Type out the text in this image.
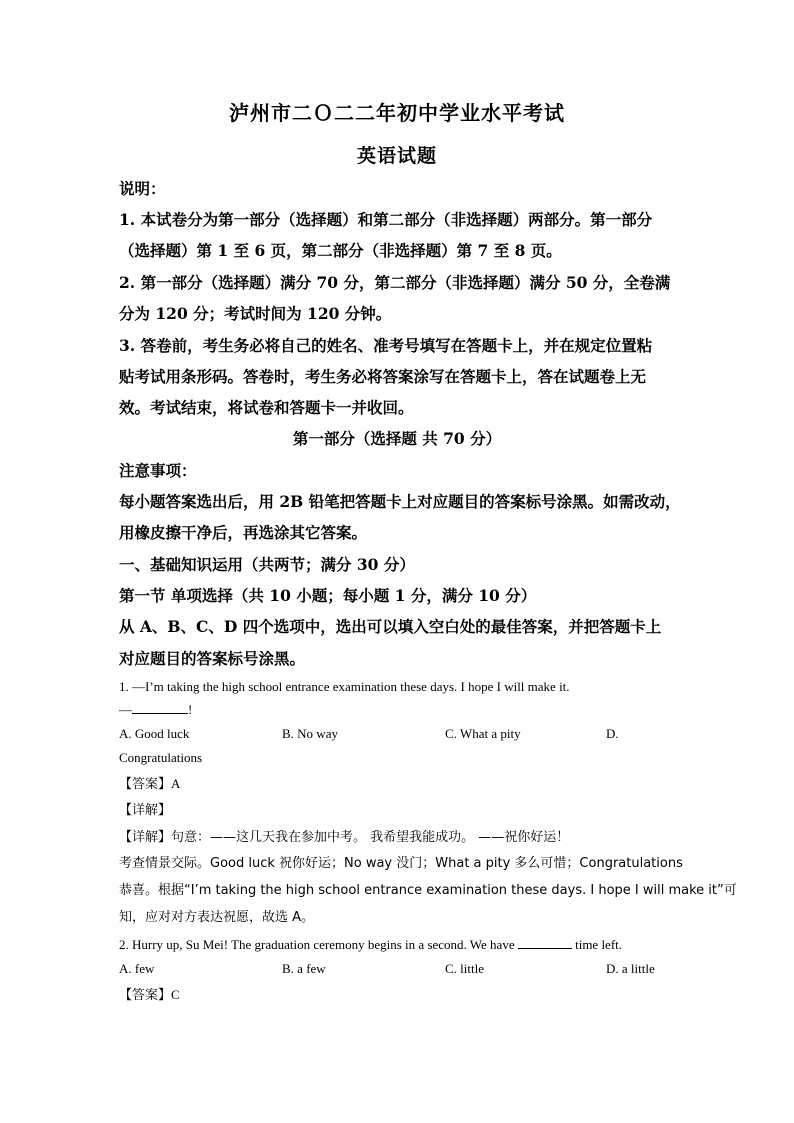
泸州市二Ｏ二二年初中学业水平考试
英语试题
说明：
1. 本试卷分为第一部分（选择题）和第二部分（非选择题）两部分。第一部分
（选择题）第 1 至 6 页，第二部分（非选择题）第 7 至 8 页。
2. 第一部分（选择题）满分 70 分，第二部分（非选择题）满分 50 分，全卷满
分为 120 分；考试时间为 120 分钟。
3. 答卷前，考生务必将自己的姓名、准考号填写在答题卡上，并在规定位置粘
贴考试用条形码。答卷时，考生务必将答案涂写在答题卡上，答在试题卷上无
效。考试结束，将试卷和答题卡一并收回。
第一部分（选择题 共 70 分）
注意事项：
每小题答案选出后，用 2B 铅笔把答题卡上对应题目的答案标号涂黑。如需改动，
用橡皮擦干净后，再选涂其它答案。
一、基础知识运用（共两节；满分 30 分）
第一节 单项选择（共 10 小题；每小题 1 分，满分 10 分）
从 A、B、C、D 四个选项中，选出可以填入空白处的最佳答案，并把答题卡上
对应题目的答案标号涂黑。
1. —I’m taking the high school entrance examination these days. I hope I will make it.
—	!
A. Good luck	B. No way	C. What a pity	D.
Congratulations
【答案】A
【详解】
【详解】句意：——这几天我在参加中考。 我希望我能成功。 ——祝你好运！
考查情景交际。Good luck 祝你好运；No way 没门；What a pity 多么可惜；Congratulations
恭喜。根据“I’m taking the high school entrance examination these days. I hope I will make it”可
知，应对对方表达祝愿，故选 A。
2. Hurry up, Su Mei! The graduation ceremony begins in a second. We have	time left.
A. few	B. a few	C. little	D. a little
【答案】C
